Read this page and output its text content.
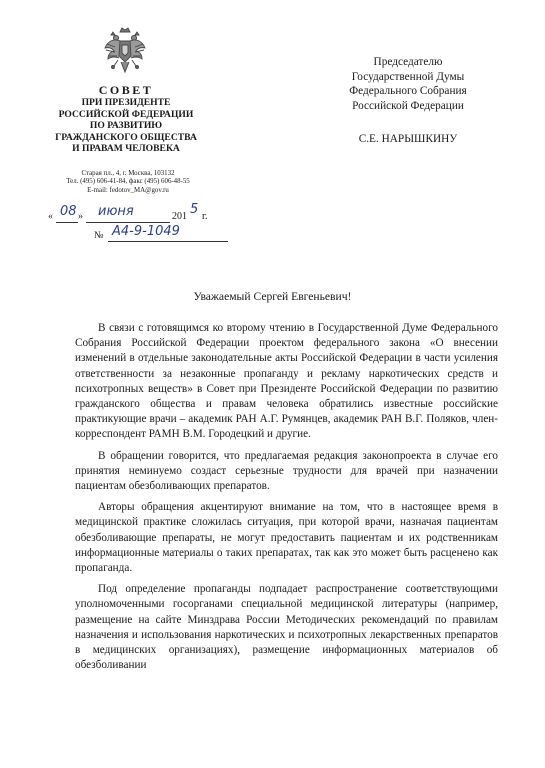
СОВЕТ
ПРИ ПРЕЗИДЕНТЕ
РОССИЙСКОЙ ФЕДЕРАЦИИ
ПО РАЗВИТИЮ
ГРАЖДАНСКОГО ОБЩЕСТВА
И ПРАВАМ ЧЕЛОВЕКА
Старая пл., 4, г. Москва, 103132
Тел. (495) 606-41-84, факс (495) 606-48-55
E-mail: fedotov_MA@gov.ru
« 08 » июня	201 5 г.
№ А4-9-1049
Председателю
Государственной Думы
Федерального Собрания
Российской Федерации
С.Е. НАРЫШКИНУ
Уважаемый Сергей Евгеньевич!

В связи с готовящимся ко второму чтению в Государственной Думе Федерального Собрания Российской Федерации проектом федерального закона «О внесении изменений в отдельные законодательные акты Российской Федерации в части усиления ответственности за незаконные пропаганду и рекламу наркотических средств и психотропных веществ» в Совет при Президенте Российской Федерации по развитию гражданского общества и правам человека обратились известные российские практикующие врачи – академик РАН А.Г. Румянцев, академик РАН В.Г. Поляков, член-корреспондент РАМН В.М. Городецкий и другие.

В обращении говорится, что предлагаемая редакция законопроекта в случае его принятия неминуемо создаст серьезные трудности для врачей при назначении пациентам обезболивающих препаратов.

Авторы обращения акцентируют внимание на том, что в настоящее время в медицинской практике сложилась ситуация, при которой врачи, назначая пациентам обезболивающие препараты, не могут предоставить пациентам и их родственникам информационные материалы о таких препаратах, так как это может быть расценено как пропаганда.

Под определение пропаганды подпадает распространение соответствующими уполномоченными госорганами специальной медицинской литературы (например, размещение на сайте Минздрава России Методических рекомендаций по правилам назначения и использования наркотических и психотропных лекарственных препаратов в медицинских организациях), размещение информационных материалов об обезболивании
